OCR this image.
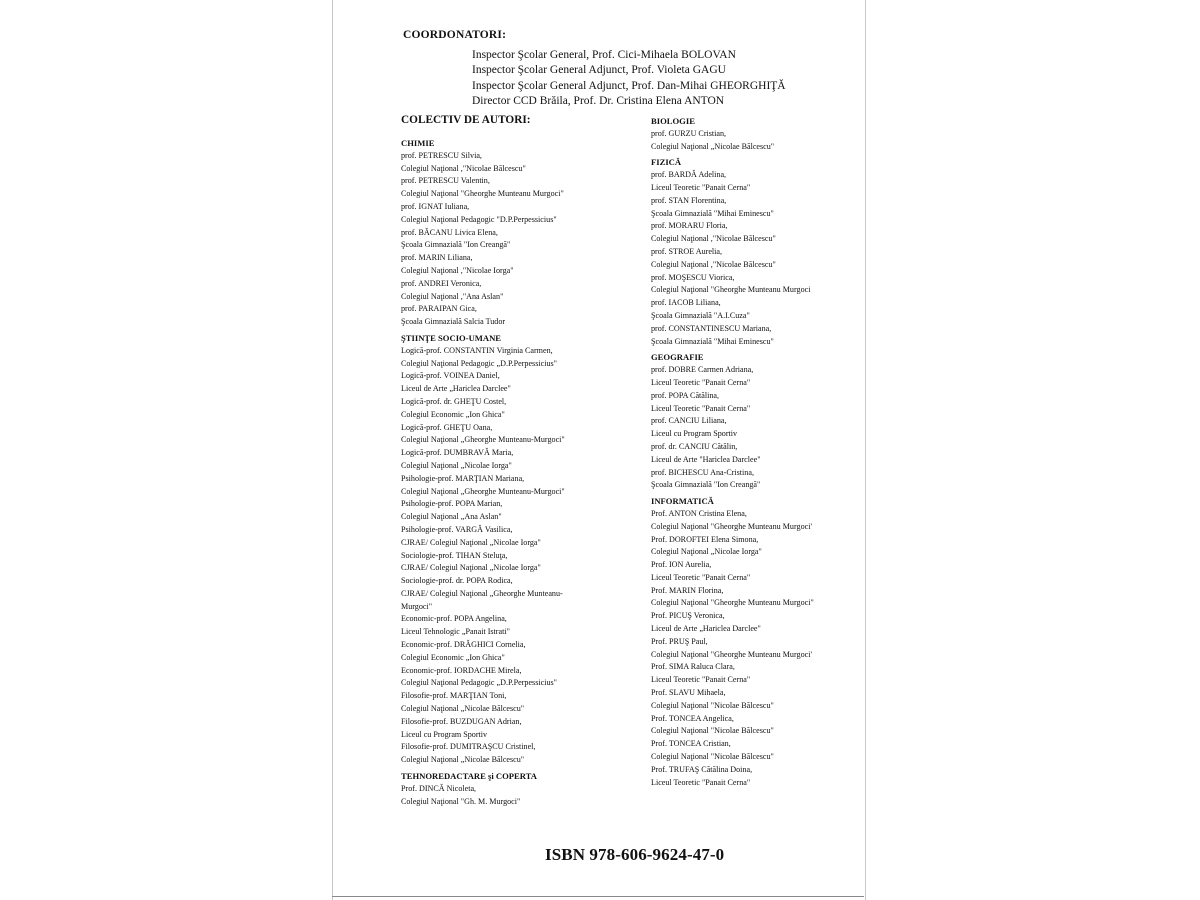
COORDONATORI:
Inspector Şcolar General, Prof. Cici-Mihaela BOLOVAN
Inspector Şcolar General Adjunct, Prof. Violeta GAGU
Inspector Şcolar General Adjunct, Prof. Dan-Mihai GHEORGHIŢĂ
Director CCD Brăila, Prof. Dr. Cristina Elena ANTON
COLECTIV DE AUTORI:
CHIMIE
prof. PETRESCU Silvia,
Colegiul Naţional ,"Nicolae Bălcescu"
prof. PETRESCU Valentin,
Colegiul Naţional "Gheorghe Munteanu Murgoci"
prof. IGNAT Iuliana,
Colegiul Naţional Pedagogic "D.P.Perpessicius"
prof. BĂCANU Livica Elena,
Şcoala Gimnazială "Ion Creangă"
prof. MARIN Liliana,
Colegiul Naţional ,"Nicolae Iorga"
prof. ANDREI Veronica,
Colegiul Naţional ,"Ana Aslan"
prof. PARAIPAN Gica,
Şcoala Gimnazială Salcia Tudor
ŞTIINŢE SOCIO-UMANE
Logică-prof. CONSTANTIN Virginia Carmen,
Colegiul Naţional Pedagogic „D.P.Perpessicius"
Logică-prof. VOINEA Daniel,
Liceul de Arte „Hariclea Darclee"
Logică-prof. dr. GHEŢU Costel,
Colegiul Economic „Ion Ghica"
Logică-prof. GHEŢU Oana,
Colegiul Naţional „Gheorghe Munteanu-Murgoci"
Logică-prof. DUMBRAVĂ Maria,
Colegiul Naţional „Nicolae Iorga"
Psihologie-prof. MARŢIAN Mariana,
Colegiul Naţional „Gheorghe Munteanu-Murgoci"
Psihologie-prof. POPA Marian,
Colegiul Naţional „Ana Aslan"
Psihologie-prof. VARGĂ Vasilica,
CJRAE/ Colegiul Naţional „Nicolae Iorga"
Sociologie-prof. TIHAN Steluţa,
CJRAE/ Colegiul Naţional „Nicolae Iorga"
Sociologie-prof. dr. POPA Rodica,
CJRAE/ Colegiul Naţional „Gheorghe Munteanu-
Murgoci"
Economic-prof. POPA Angelina,
Liceul Tehnologic „Panait Istrati"
Economic-prof. DRĂGHICI Cornelia,
Colegiul Economic „Ion Ghica"
Economic-prof. IORDACHE Mirela,
Colegiul Naţional Pedagogic „D.P.Perpessicius"
Filosofie-prof. MARŢIAN Toni,
Colegiul Naţional „Nicolae Bălcescu"
Filosofie-prof. BUZDUGAN Adrian,
Liceul cu Program Sportiv
Filosofie-prof. DUMITRAŞCU Cristinel,
Colegiul Naţional „Nicolae Bălcescu"
TEHNOREDACTARE şi COPERTA
Prof. DINCĂ Nicoleta,
Colegiul Naţional "Gh. M. Murgoci"
BIOLOGIE
prof. GURZU Cristian,
Colegiul Naţional „Nicolae Bălcescu"
FIZICĂ
prof. BARDĂ Adelina,
Liceul Teoretic "Panait Cerna"
prof. STAN Florentina,
Şcoala Gimnazială "Mihai Eminescu"
prof. MORARU Floria,
Colegiul Naţional ,"Nicolae Bălcescu"
prof. STROE Aurelia,
Colegiul Naţional ,"Nicolae Bălcescu"
prof. MOŞESCU Viorica,
Colegiul Naţional "Gheorghe Munteanu Murgoci
prof. IACOB Liliana,
Şcoala Gimnazială "A.I.Cuza"
prof. CONSTANTINESCU Mariana,
Şcoala Gimnazială "Mihai Eminescu"
GEOGRAFIE
prof. DOBRE Carmen Adriana,
Liceul Teoretic "Panait Cerna"
prof. POPA Cătălina,
Liceul Teoretic "Panait Cerna"
prof. CANCIU Liliana,
Liceul cu Program Sportiv
prof. dr. CANCIU Cătălin,
Liceul de Arte "Hariclea Darclee"
prof. BICHESCU Ana-Cristina,
Şcoala Gimnazială "Ion Creangă"
INFORMATICĂ
Prof. ANTON Cristina Elena,
Colegiul Naţional "Gheorghe Munteanu Murgoci'
Prof. DOROFTEI Elena Simona,
Colegiul Naţional „Nicolae Iorga"
Prof. ION Aurelia,
Liceul Teoretic "Panait Cerna"
Prof. MARIN Florina,
Colegiul Naţional "Gheorghe Munteanu Murgoci"
Prof. PICUŞ Veronica,
Liceul de Arte „Hariclea Darclee"
Prof. PRUŞ Paul,
Colegiul Naţional "Gheorghe Munteanu Murgoci'
Prof. SIMA Raluca Clara,
Liceul Teoretic "Panait Cerna"
Prof. SLAVU Mihaela,
Colegiul Naţional "Nicolae Bălcescu"
Prof. TONCEA Angelica,
Colegiul Naţional "Nicolae Bălcescu"
Prof. TONCEA Cristian,
Colegiul Naţional "Nicolae Bălcescu"
Prof. TRUFAŞ Cătălina Doina,
Liceul Teoretic "Panait Cerna"
ISBN 978-606-9624-47-0
